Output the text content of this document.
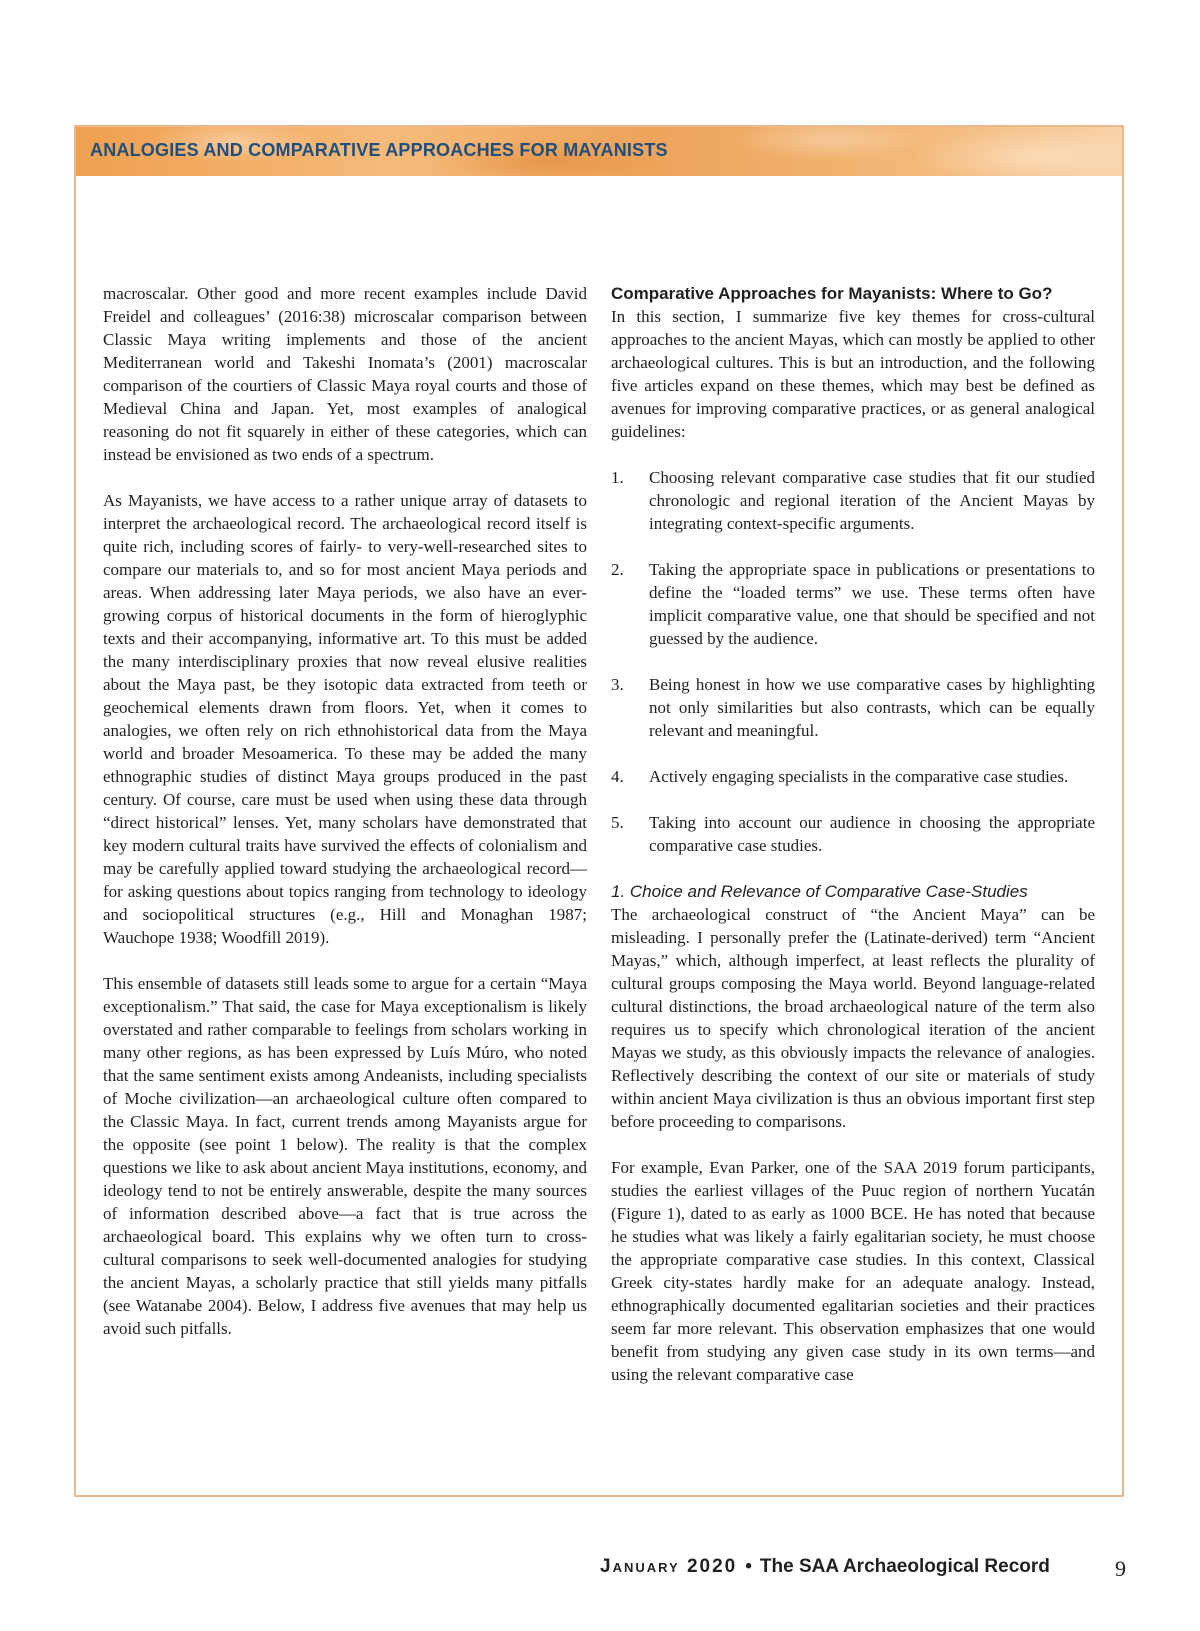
ANALOGIES AND COMPARATIVE APPROACHES FOR MAYANISTS

macroscalar. Other good and more recent examples include David Freidel and colleagues’ (2016:38) microscalar comparison between Classic Maya writing implements and those of the ancient Mediterranean world and Takeshi Inomata’s (2001) macroscalar comparison of the courtiers of Classic Maya royal courts and those of Medieval China and Japan. Yet, most examples of analogical reasoning do not fit squarely in either of these categories, which can instead be envisioned as two ends of a spectrum.

As Mayanists, we have access to a rather unique array of datasets to interpret the archaeological record. The archaeological record itself is quite rich, including scores of fairly- to very-well-researched sites to compare our materials to, and so for most ancient Maya periods and areas. When addressing later Maya periods, we also have an ever-growing corpus of historical documents in the form of hieroglyphic texts and their accompanying, informative art. To this must be added the many interdisciplinary proxies that now reveal elusive realities about the Maya past, be they isotopic data extracted from teeth or geochemical elements drawn from floors. Yet, when it comes to analogies, we often rely on rich ethnohistorical data from the Maya world and broader Mesoamerica. To these may be added the many ethnographic studies of distinct Maya groups produced in the past century. Of course, care must be used when using these data through “direct historical” lenses. Yet, many scholars have demonstrated that key modern cultural traits have survived the effects of colonialism and may be carefully applied toward studying the archaeological record—for asking questions about topics ranging from technology to ideology and sociopolitical structures (e.g., Hill and Monaghan 1987; Wauchope 1938; Woodfill 2019).

This ensemble of datasets still leads some to argue for a certain “Maya exceptionalism.” That said, the case for Maya exceptionalism is likely overstated and rather comparable to feelings from scholars working in many other regions, as has been expressed by Luís Múro, who noted that the same sentiment exists among Andeanists, including specialists of Moche civilization—an archaeological culture often compared to the Classic Maya. In fact, current trends among Mayanists argue for the opposite (see point 1 below). The reality is that the complex questions we like to ask about ancient Maya institutions, economy, and ideology tend to not be entirely answerable, despite the many sources of information described above—a fact that is true across the archaeological board. This explains why we often turn to cross-cultural comparisons to seek well-documented analogies for studying the ancient Mayas, a scholarly practice that still yields many pitfalls (see Watanabe 2004). Below, I address five avenues that may help us avoid such pitfalls.

Comparative Approaches for Mayanists: Where to Go?

In this section, I summarize five key themes for cross-cultural approaches to the ancient Mayas, which can mostly be applied to other archaeological cultures. This is but an introduction, and the following five articles expand on these themes, which may best be defined as avenues for improving comparative practices, or as general analogical guidelines:

1.	Choosing relevant comparative case studies that fit our studied chronologic and regional iteration of the Ancient Mayas by integrating context-specific arguments.
2.	Taking the appropriate space in publications or presentations to define the “loaded terms” we use. These terms often have implicit comparative value, one that should be specified and not guessed by the audience.
3.	Being honest in how we use comparative cases by highlighting not only similarities but also contrasts, which can be equally relevant and meaningful.
4.	Actively engaging specialists in the comparative case studies.
5.	Taking into account our audience in choosing the appropriate comparative case studies.
1. Choice and Relevance of Comparative Case-Studies

The archaeological construct of “the Ancient Maya” can be misleading. I personally prefer the (Latinate-derived) term “Ancient Mayas,” which, although imperfect, at least reflects the plurality of cultural groups composing the Maya world. Beyond language-related cultural distinctions, the broad archaeological nature of the term also requires us to specify which chronological iteration of the ancient Mayas we study, as this obviously impacts the relevance of analogies. Reflectively describing the context of our site or materials of study within ancient Maya civilization is thus an obvious important first step before proceeding to comparisons.

For example, Evan Parker, one of the SAA 2019 forum participants, studies the earliest villages of the Puuc region of northern Yucatán (Figure 1), dated to as early as 1000 BCE. He has noted that because he studies what was likely a fairly egalitarian society, he must choose the appropriate comparative case studies. In this context, Classical Greek city-states hardly make for an adequate analogy. Instead, ethnographically documented egalitarian societies and their practices seem far more relevant. This observation emphasizes that one would benefit from studying any given case study in its own terms—and using the relevant comparative case

January 2020 • The SAA Archaeological Record	9
